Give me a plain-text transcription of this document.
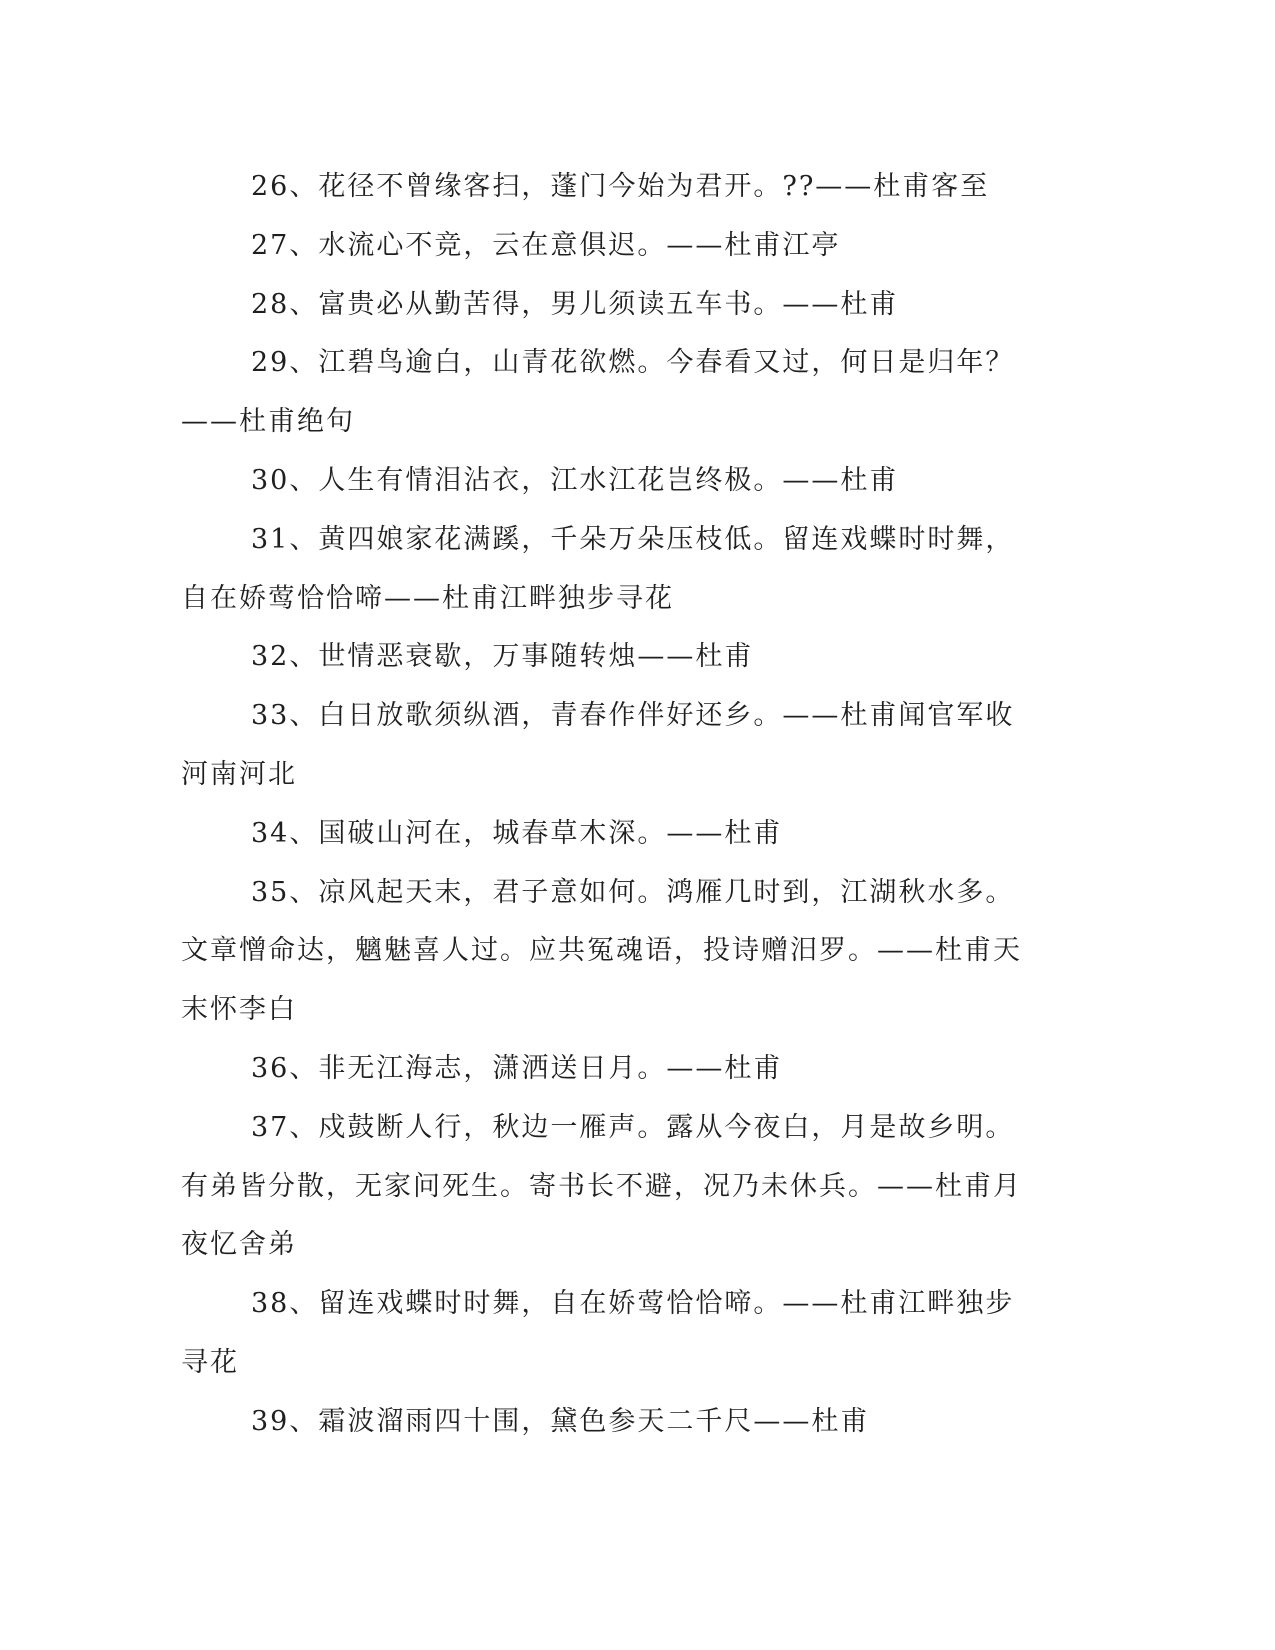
26、花径不曾缘客扫，蓬门今始为君开。??——杜甫客至

27、水流心不竞，云在意俱迟。——杜甫江亭

28、富贵必从勤苦得，男儿须读五车书。——杜甫

29、江碧鸟逾白，山青花欲燃。今春看又过，何日是归年？——杜甫绝句

30、人生有情泪沾衣，江水江花岂终极。——杜甫

31、黄四娘家花满蹊，千朵万朵压枝低。留连戏蝶时时舞，自在娇莺恰恰啼——杜甫江畔独步寻花

32、世情恶衰歇，万事随转烛——杜甫

33、白日放歌须纵酒，青春作伴好还乡。——杜甫闻官军收河南河北

34、国破山河在，城春草木深。——杜甫

35、凉风起天末，君子意如何。鸿雁几时到，江湖秋水多。文章憎命达，魑魅喜人过。应共冤魂语，投诗赠汨罗。——杜甫天末怀李白

36、非无江海志，潇洒送日月。——杜甫

37、戍鼓断人行，秋边一雁声。露从今夜白，月是故乡明。有弟皆分散，无家问死生。寄书长不避，况乃未休兵。——杜甫月夜忆舍弟

38、留连戏蝶时时舞，自在娇莺恰恰啼。——杜甫江畔独步寻花

39、霜波溜雨四十围，黛色参天二千尺——杜甫
